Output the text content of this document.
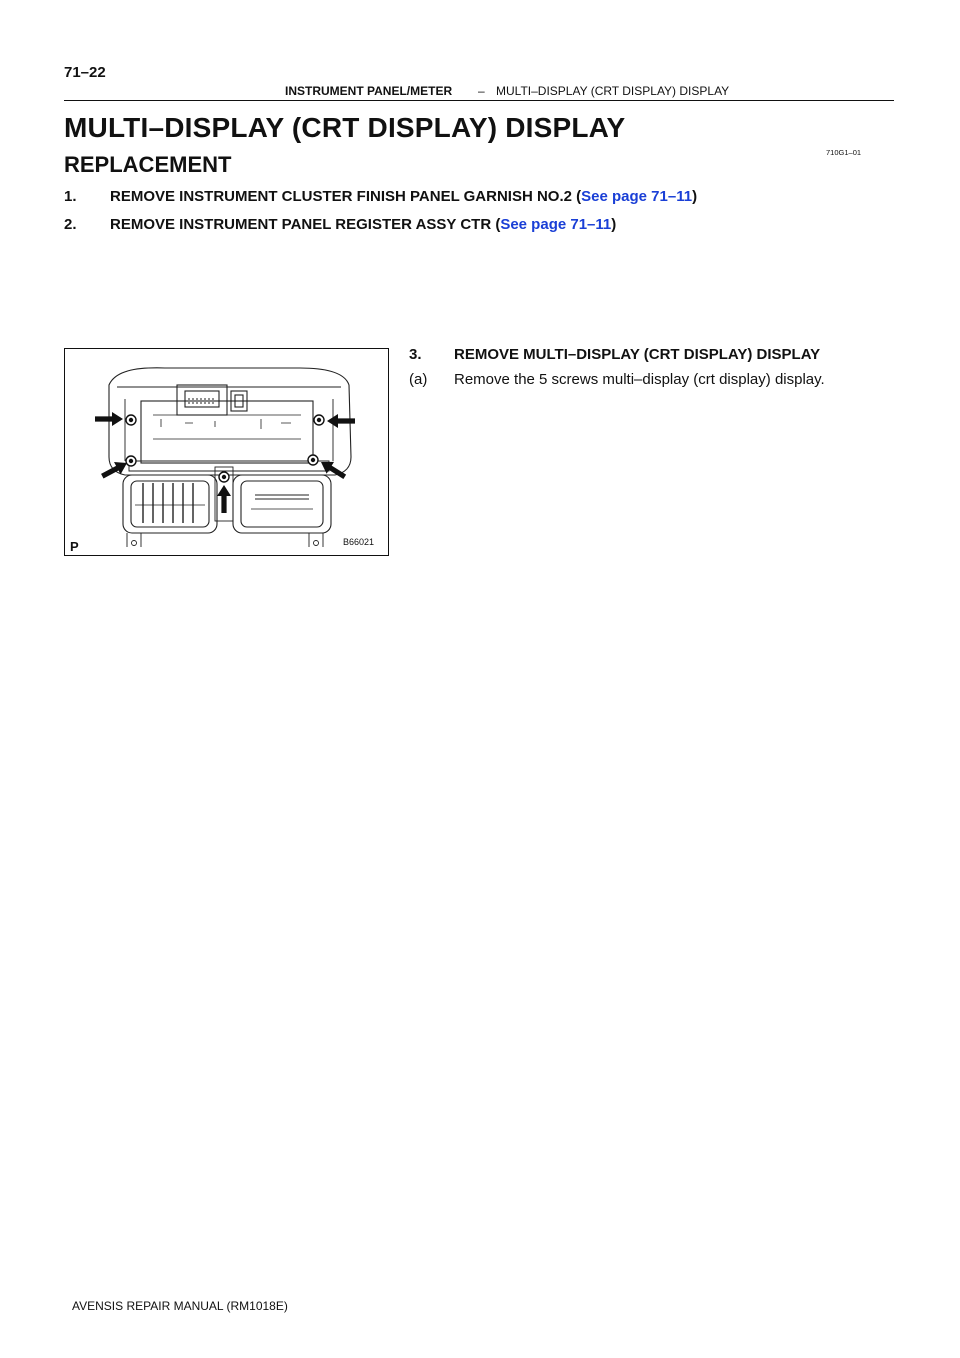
71–22
INSTRUMENT PANEL/METER – MULTI–DISPLAY (CRT DISPLAY) DISPLAY
MULTI–DISPLAY (CRT DISPLAY) DISPLAY
710G1–01
REPLACEMENT
1. REMOVE INSTRUMENT CLUSTER FINISH PANEL GARNISH NO.2 (See page 71–11)
2. REMOVE INSTRUMENT PANEL REGISTER ASSY CTR (See page 71–11)
3. REMOVE MULTI–DISPLAY (CRT DISPLAY) DISPLAY
(a) Remove the 5 screws multi–display (crt display) display.
P	B66021
AVENSIS REPAIR MANUAL (RM1018E)
